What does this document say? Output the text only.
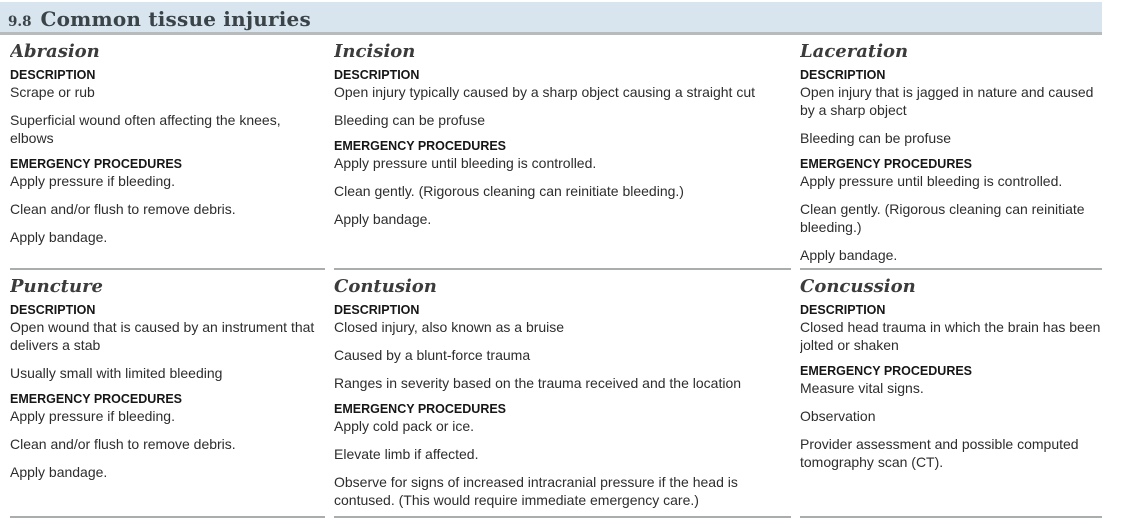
9.8 Common tissue injuries
Abrasion
DESCRIPTION

Scrape or rub

Superficial wound often affecting the knees, elbows

EMERGENCY PROCEDURES

Apply pressure if bleeding.

Clean and/or flush to remove debris.

Apply bandage.

Incision
DESCRIPTION

Open injury typically caused by a sharp object causing a straight cut

Bleeding can be profuse

EMERGENCY PROCEDURES

Apply pressure until bleeding is controlled.

Clean gently. (Rigorous cleaning can reinitiate bleeding.)

Apply bandage.

Laceration
DESCRIPTION

Open injury that is jagged in nature and caused by a sharp object

Bleeding can be profuse

EMERGENCY PROCEDURES

Apply pressure until bleeding is controlled.

Clean gently. (Rigorous cleaning can reinitiate bleeding.)

Apply bandage.

Puncture
DESCRIPTION

Open wound that is caused by an instrument that delivers a stab

Usually small with limited bleeding

EMERGENCY PROCEDURES

Apply pressure if bleeding.

Clean and/or flush to remove debris.

Apply bandage.

Contusion
DESCRIPTION

Closed injury, also known as a bruise

Caused by a blunt-force trauma

Ranges in severity based on the trauma received and the location

EMERGENCY PROCEDURES

Apply cold pack or ice.

Elevate limb if affected.

Observe for signs of increased intracranial pressure if the head is contused. (This would require immediate emergency care.)

Concussion
DESCRIPTION

Closed head trauma in which the brain has been jolted or shaken

EMERGENCY PROCEDURES

Measure vital signs.

Observation

Provider assessment and possible computed tomography scan (CT).
